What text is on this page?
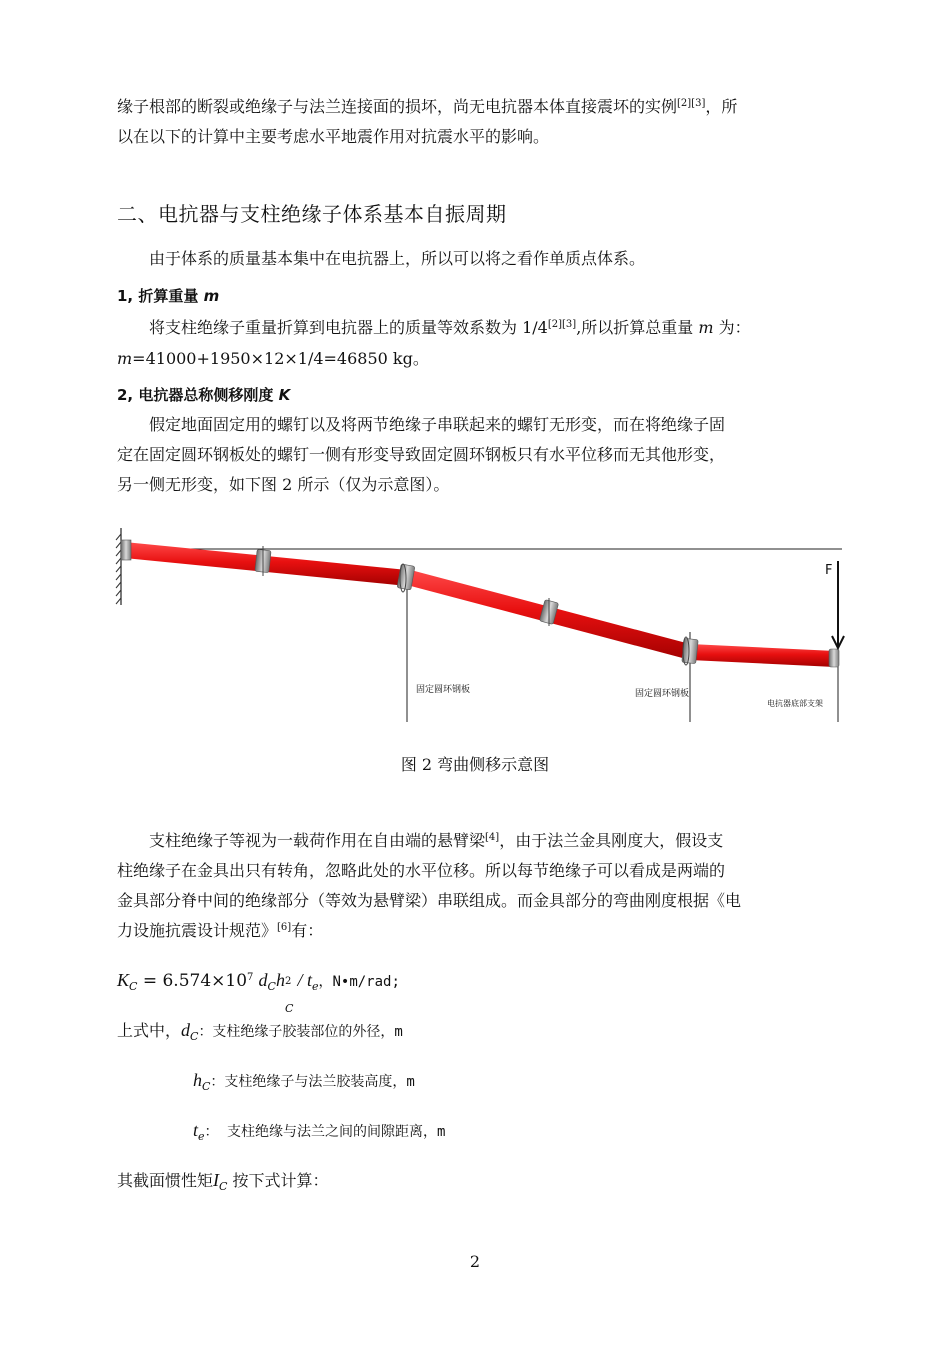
缘子根部的断裂或绝缘子与法兰连接面的损坏，尚无电抗器本体直接震坏的实例[2][3]，所
以在以下的计算中主要考虑水平地震作用对抗震水平的影响。

二、电抗器与支柱绝缘子体系基本自振周期

由于体系的质量基本集中在电抗器上，所以可以将之看作单质点体系。

1, 折算重量 m

将支柱绝缘子重量折算到电抗器上的质量等效系数为 1/4[2][3],所以折算总重量 m 为：

m=41000+1950×12×1/4=46850 kg。

2, 电抗器总称侧移刚度 K

假定地面固定用的螺钉以及将两节绝缘子串联起来的螺钉无形变，而在将绝缘子固
定在固定圆环钢板处的螺钉一侧有形变导致固定圆环钢板只有水平位移而无其他形变，
另一侧无形变，如下图 2 所示（仅为示意图）。

F
固定圆环钢板	固定圆环钢板
电抗器底部支架
图 2 弯曲侧移示意图

支柱绝缘子等视为一载荷作用在自由端的悬臂梁[4]，由于法兰金具刚度大，假设支
柱绝缘子在金具出只有转角，忽略此处的水平位移。所以每节绝缘子可以看成是两端的
金具部分脊中间的绝缘部分（等效为悬臂梁）串联组成。而金具部分的弯曲刚度根据《电
力设施抗震设计规范》[6]有：

$K_C = 6.574\times 10^7$ $d_Ch$ 2
C
/ $t_e$，N•m/rad;

上式中，$d_C$：支柱绝缘子胶装部位的外径，m

$h_C$：支柱绝缘子与法兰胶装高度，m

$t_e$： 支柱绝缘与法兰之间的间隙距离，m

其截面惯性矩$I_C$ 按下式计算：

2
